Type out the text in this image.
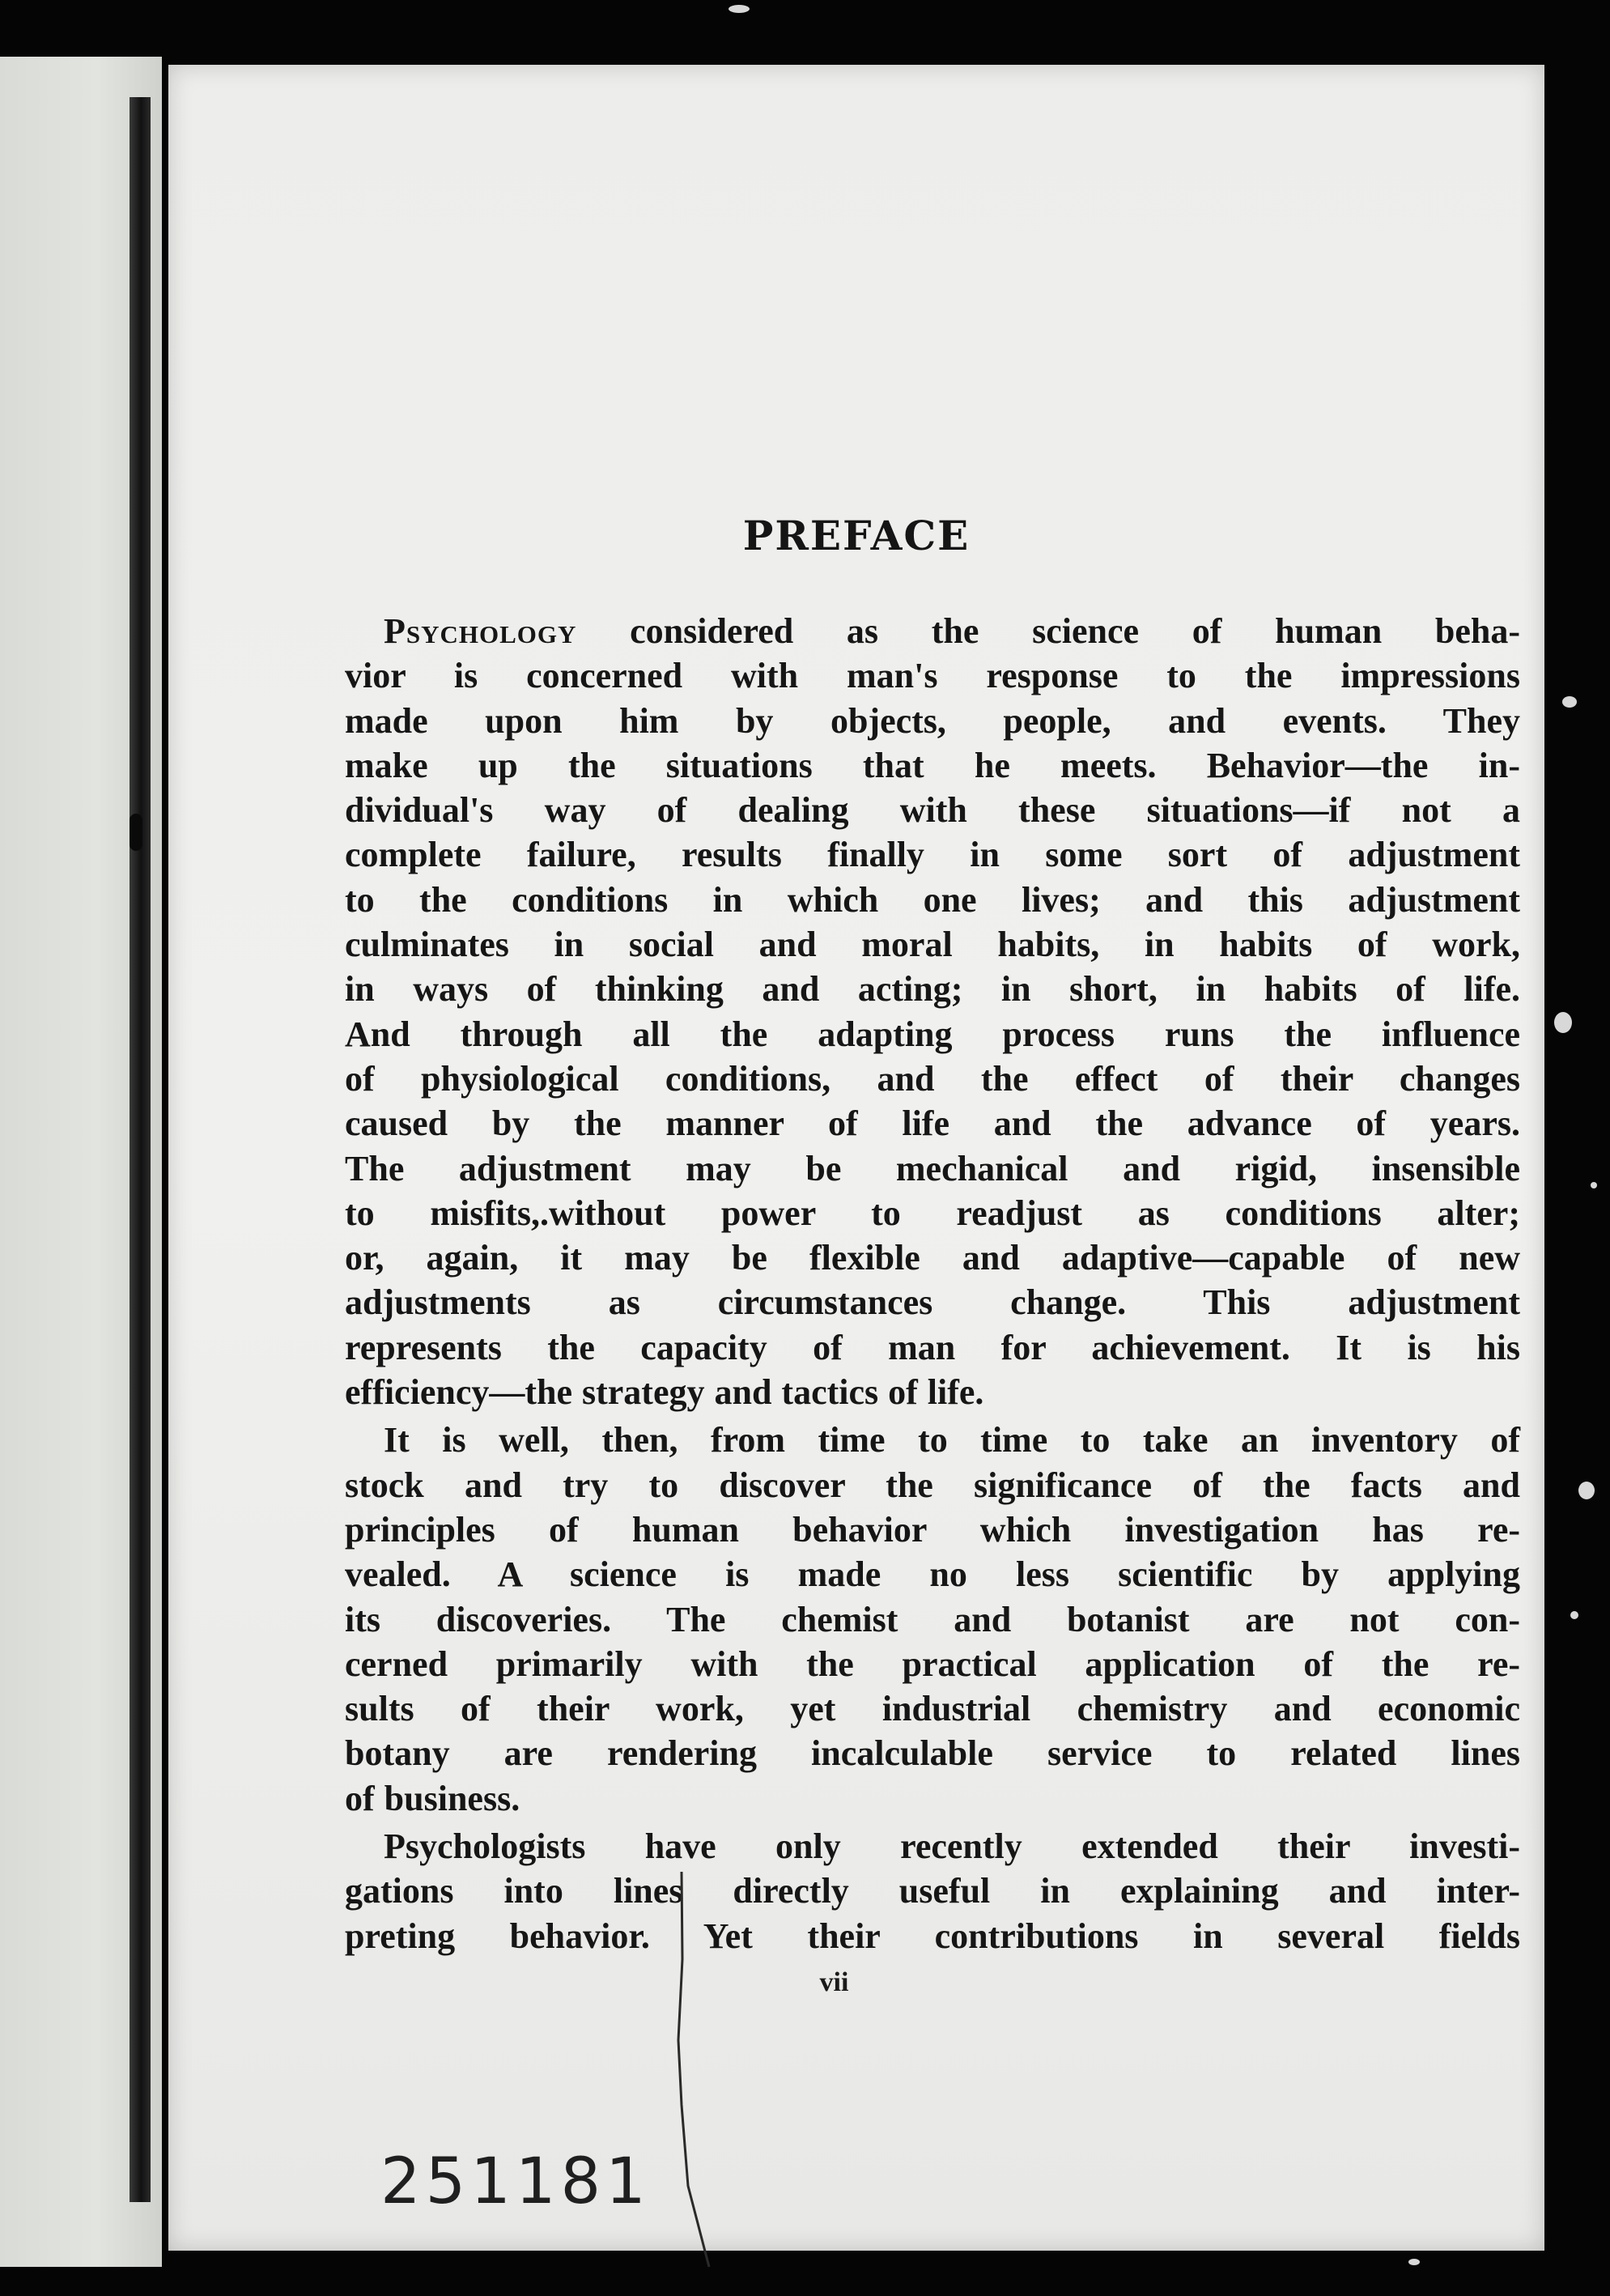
PREFACE
Psychology considered as the science of human beha-
vior is concerned with man's response to the impressions
made upon him by objects, people, and events. They
make up the situations that he meets. Behavior—the in-
dividual's way of dealing with these situations—if not a
complete failure, results finally in some sort of adjustment
to the conditions in which one lives; and this adjustment
culminates in social and moral habits, in habits of work,
in ways of thinking and acting; in short, in habits of life.
And through all the adapting process runs the influence
of physiological conditions, and the effect of their changes
caused by the manner of life and the advance of years.
The adjustment may be mechanical and rigid, insensible
to misfits,.without power to readjust as conditions alter;
or, again, it may be flexible and adaptive—capable of new
adjustments as circumstances change. This adjustment
represents the capacity of man for achievement. It is his
efficiency—the strategy and tactics of life.
It is well, then, from time to time to take an inventory of
stock and try to discover the significance of the facts and
principles of human behavior which investigation has re-
vealed. A science is made no less scientific by applying
its discoveries. The chemist and botanist are not con-
cerned primarily with the practical application of the re-
sults of their work, yet industrial chemistry and economic
botany are rendering incalculable service to related lines
of business.
Psychologists have only recently extended their investi-
gations into lines directly useful in explaining and inter-
preting behavior. Yet their contributions in several fields
vii
251181
